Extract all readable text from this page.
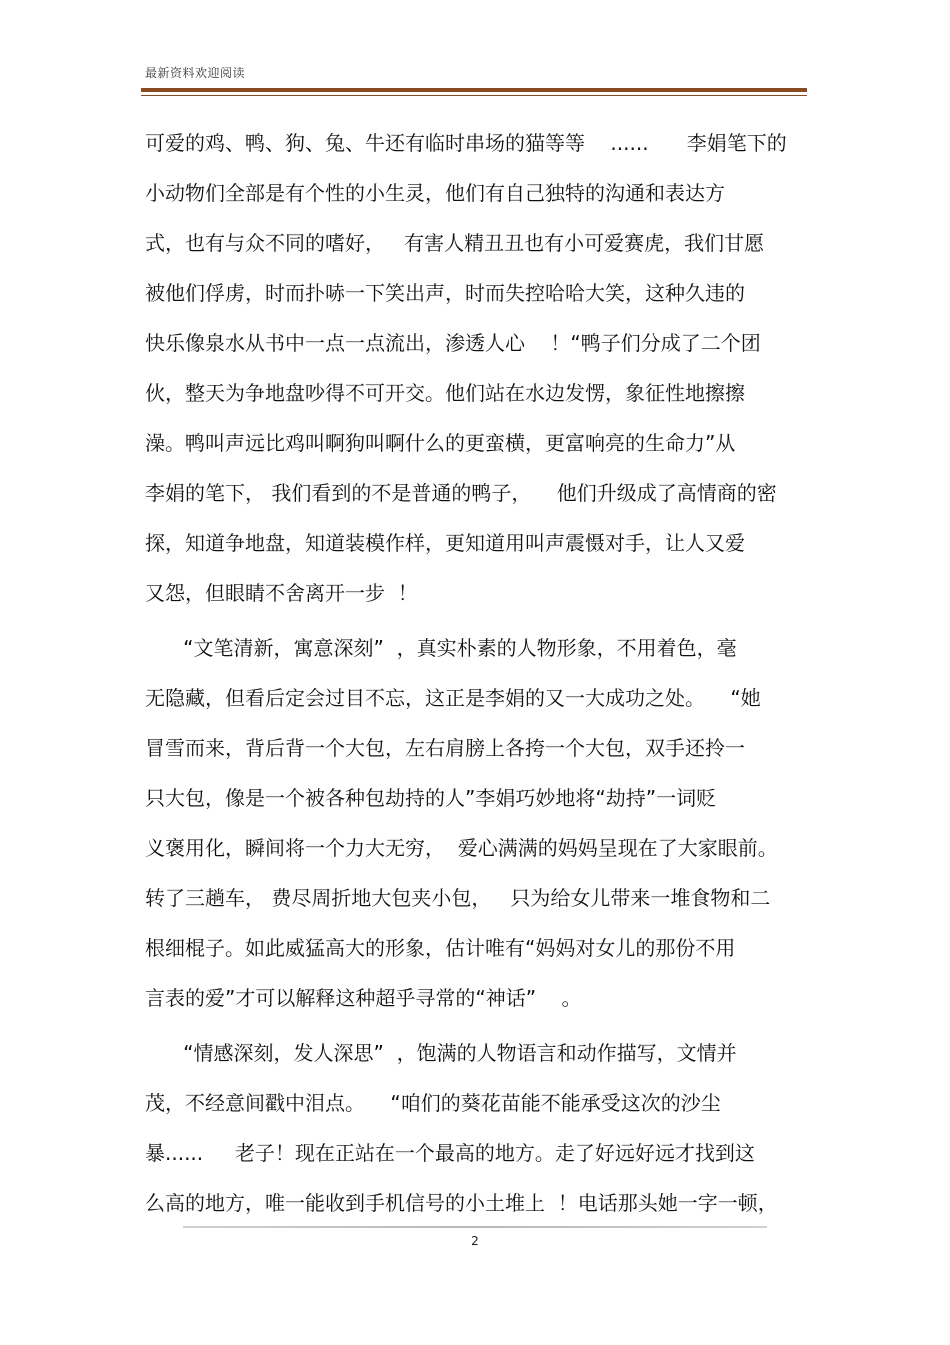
最新资料欢迎阅读
可爱的鸡、鸭、狗、兔、牛还有临时串场的猫等等    ......      李娟笔下的
小动物们全部是有个性的小生灵，他们有自己独特的沟通和表达方
式，也有与众不同的嗜好，   有害人精丑丑也有小可爱赛虎，我们甘愿
被他们俘虏，时而扑哧一下笑出声，时而失控哈哈大笑，这种久违的
快乐像泉水从书中一点一点流出，渗透人心    ！“鸭子们分成了二个团
伙，整天为争地盘吵得不可开交。他们站在水边发愣，象征性地擦擦
澡。鸭叫声远比鸡叫啊狗叫啊什么的更蛮横，更富响亮的生命力”从
李娟的笔下， 我们看到的不是普通的鸭子，    他们升级成了高情商的密
探，知道争地盘，知道装模作样，更知道用叫声震慑对手，让人又爱
又怨，但眼睛不舍离开一步  ！
“文笔清新，寓意深刻”  ，真实朴素的人物形象，不用着色，毫
无隐藏，但看后定会过目不忘，这正是李娟的又一大成功之处。    “她
冒雪而来，背后背一个大包，左右肩膀上各挎一个大包，双手还拎一
只大包，像是一个被各种包劫持的人”李娟巧妙地将“劫持”一词贬
义褒用化，瞬间将一个力大无穷，  爱心满满的妈妈呈现在了大家眼前。
转了三趟车， 费尽周折地大包夹小包，   只为给女儿带来一堆食物和二
根细棍子。如此威猛高大的形象，估计唯有“妈妈对女儿的那份不用
言表的爱”才可以解释这种超乎寻常的“神话”    。
“情感深刻，发人深思”  ，饱满的人物语言和动作描写，文情并
茂，不经意间戳中泪点。    “咱们的葵花苗能不能承受这次的沙尘
暴......     老子！现在正站在一个最高的地方。走了好远好远才找到这
么高的地方，唯一能收到手机信号的小土堆上  ！电话那头她一字一顿，
2
